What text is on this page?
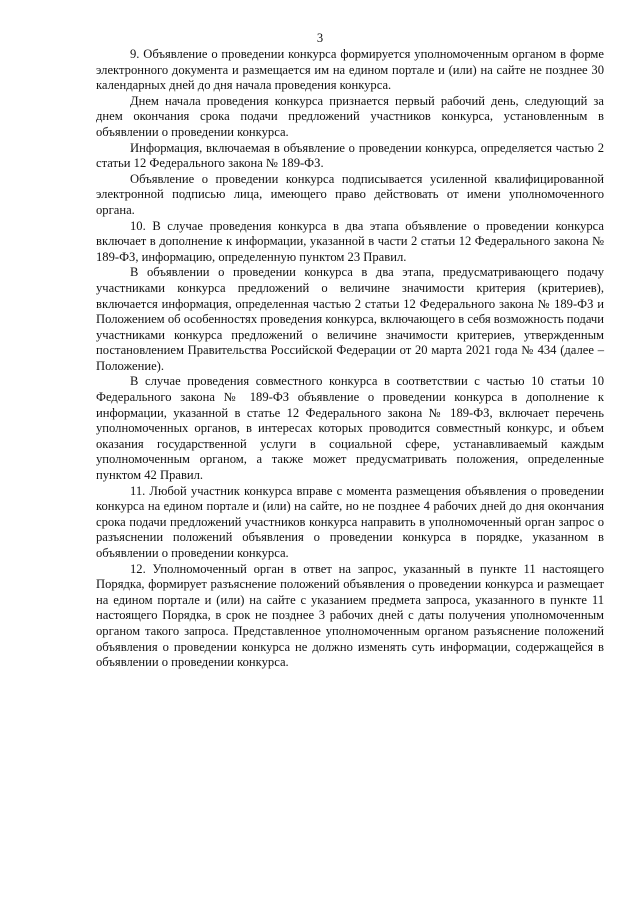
3

9. Объявление о проведении конкурса формируется уполномоченным органом в форме электронного документа и размещается им на едином портале и (или) на сайте не позднее 30 календарных дней до дня начала проведения конкурса.

Днем начала проведения конкурса признается первый рабочий день, следующий за днем окончания срока подачи предложений участников конкурса, установленным в объявлении о проведении конкурса.

Информация, включаемая в объявление о проведении конкурса, определяется частью 2 статьи 12 Федерального закона № 189-ФЗ.

Объявление о проведении конкурса подписывается усиленной квалифицированной электронной подписью лица, имеющего право действовать от имени уполномоченного органа.

10. В случае проведения конкурса в два этапа объявление о проведении конкурса включает в дополнение к информации, указанной в части 2 статьи 12 Федерального закона № 189-ФЗ, информацию, определенную пунктом 23 Правил.

В объявлении о проведении конкурса в два этапа, предусматривающего подачу участниками конкурса предложений о величине значимости критерия (критериев), включается информация, определенная частью 2 статьи 12 Федерального закона № 189-ФЗ и Положением об особенностях проведения конкурса, включающего в себя возможность подачи участниками конкурса предложений о величине значимости критериев, утвержденным постановлением Правительства Российской Федерации от 20 марта 2021 года № 434 (далее – Положение).

В случае проведения совместного конкурса в соответствии с частью 10 статьи 10 Федерального закона № 189-ФЗ объявление о проведении конкурса в дополнение к информации, указанной в статье 12 Федерального закона № 189-ФЗ, включает перечень уполномоченных органов, в интересах которых проводится совместный конкурс, и объем оказания государственной услуги в социальной сфере, устанавливаемый каждым уполномоченным органом, а также может предусматривать положения, определенные пунктом 42 Правил.

11. Любой участник конкурса вправе с момента размещения объявления о проведении конкурса на едином портале и (или) на сайте, но не позднее 4 рабочих дней до дня окончания срока подачи предложений участников конкурса направить в уполномоченный орган запрос о разъяснении положений объявления о проведении конкурса в порядке, указанном в объявлении о проведении конкурса.

12. Уполномоченный орган в ответ на запрос, указанный в пункте 11 настоящего Порядка, формирует разъяснение положений объявления о проведении конкурса и размещает на едином портале и (или) на сайте с указанием предмета запроса, указанного в пункте 11 настоящего Порядка, в срок не позднее 3 рабочих дней с даты получения уполномоченным органом такого запроса. Представленное уполномоченным органом разъяснение положений объявления о проведении конкурса не должно изменять суть информации, содержащейся в объявлении о проведении конкурса.
